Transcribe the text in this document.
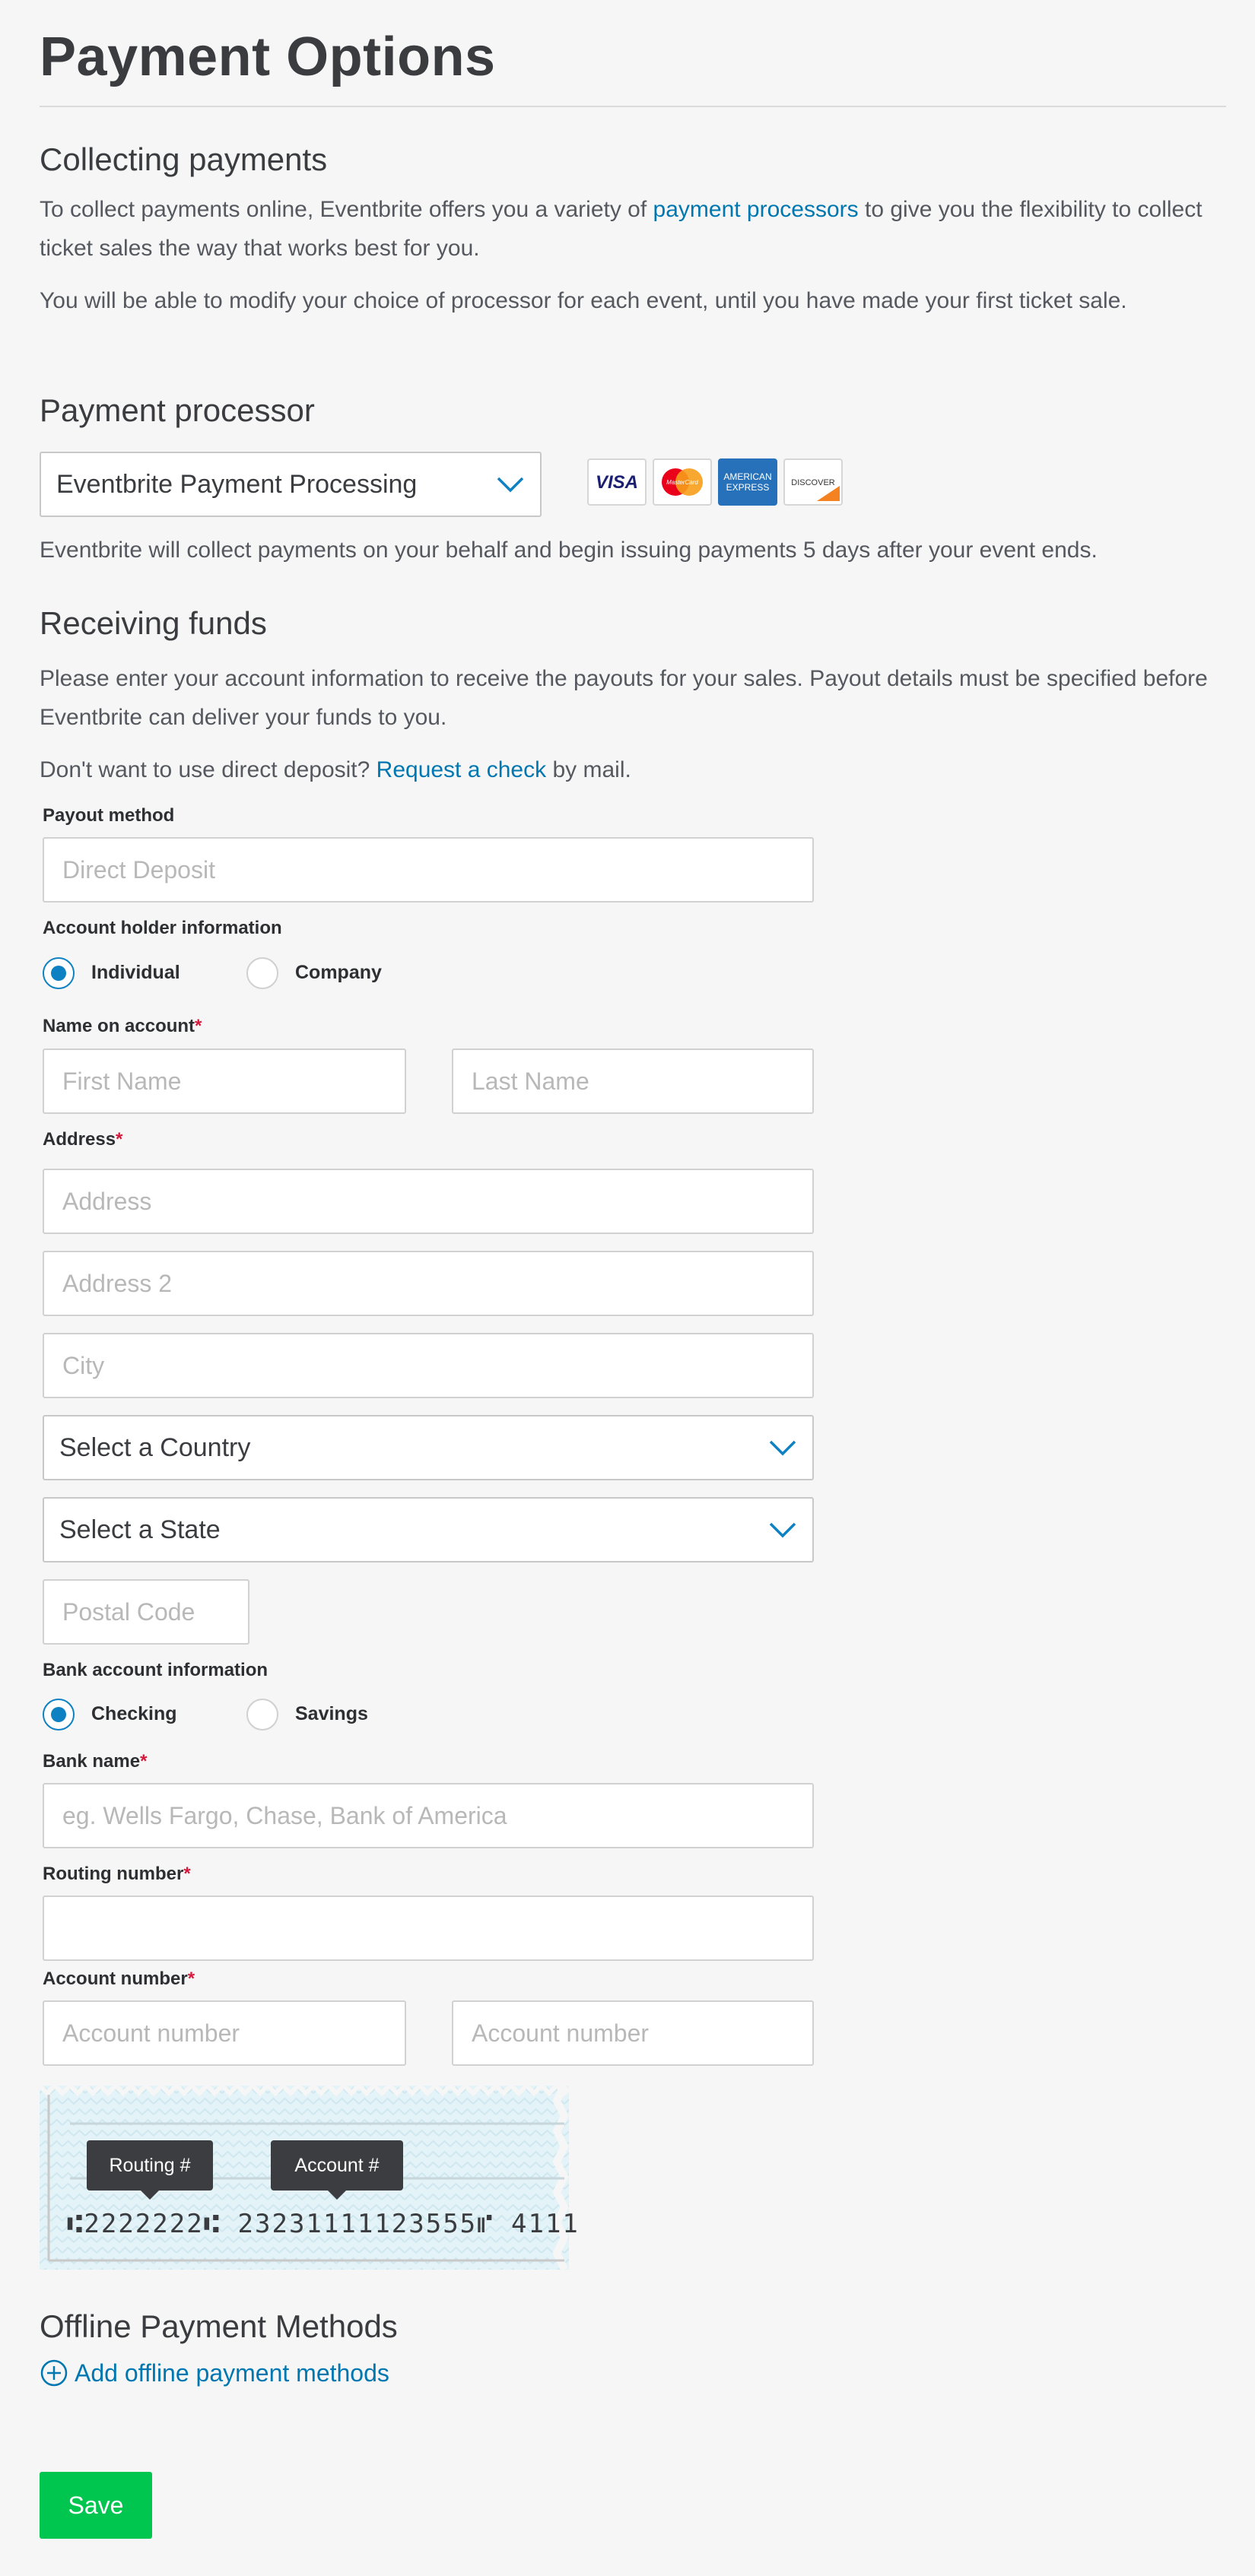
Payment Options
Collecting payments

To collect payments online, Eventbrite offers you a variety of payment processors to give you the flexibility to collect ticket sales the way that works best for you.

You will be able to modify your choice of processor for each event, until you have made your first ticket sale.

Payment processor
Eventbrite Payment Processing	VISA	MasterCard
AMERICAN
EXPRESS	DISCOVER

Eventbrite will collect payments on your behalf and begin issuing payments 5 days after your event ends.

Receiving funds

Please enter your account information to receive the payouts for your sales. Payout details must be specified before Eventbrite can deliver your funds to you.

Don't want to use direct deposit? Request a check by mail.

Payout method

Direct Deposit

Account holder information

Individual	Company

Name on account*

First Name
Last Name

Address*

Address
Address 2
City
Select a Country
Select a State
Postal Code

Bank account information

Checking	Savings

Bank name*

eg. Wells Fargo, Chase, Bank of America

Routing number*

Account number*

Account number
Account number
⑆2222222⑆ 23231111123555⑈ 4111
Routing #	Account #
Offline Payment Methods
Add offline payment methods
Save
